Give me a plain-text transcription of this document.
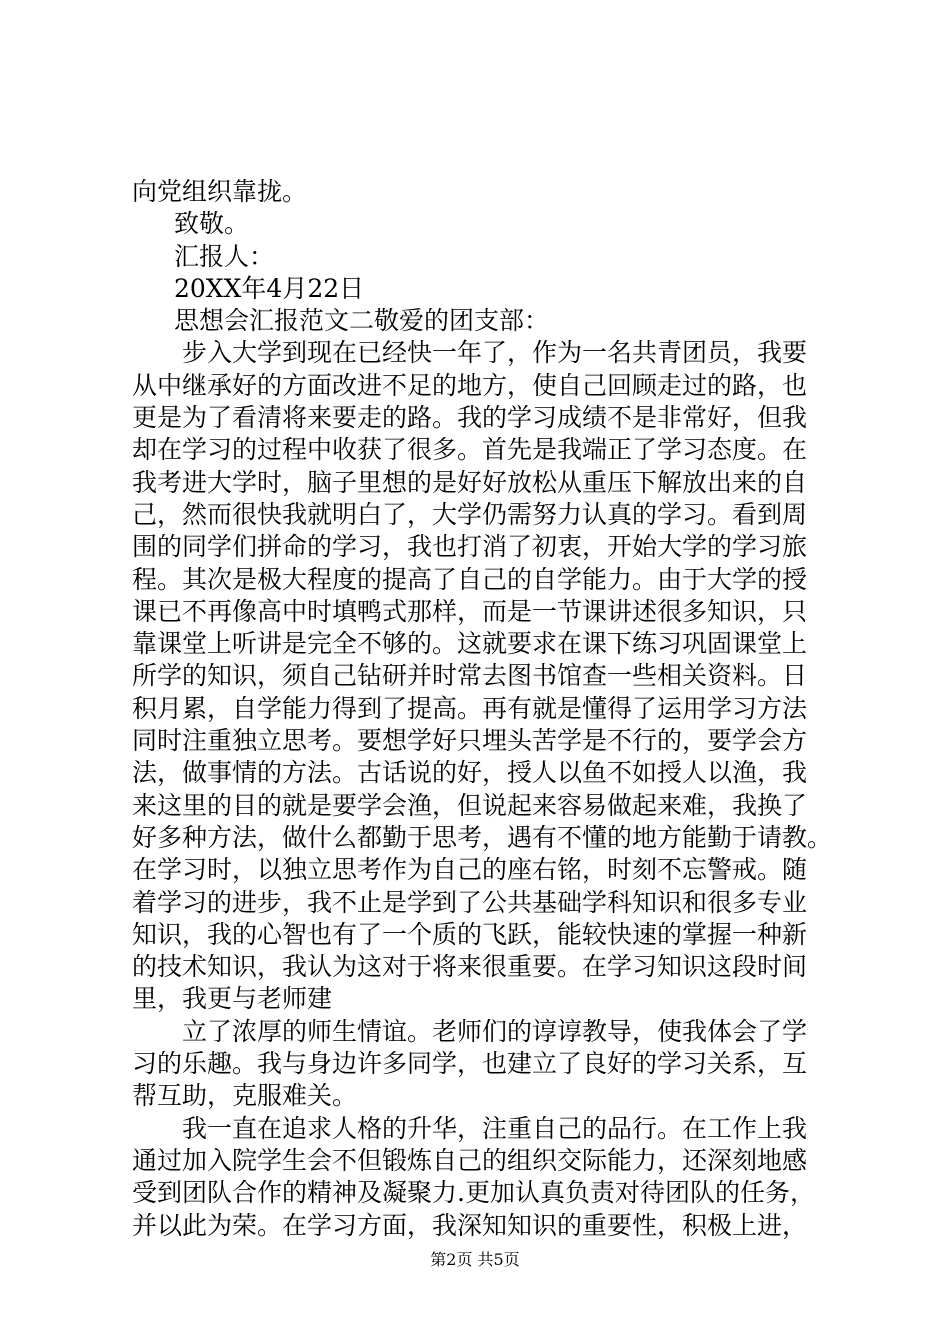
向党组织靠拢。
致敬。
汇报人：
20XX年4月22日
思想会汇报范文二敬爱的团支部：
步入大学到现在已经快一年了，作为一名共青团员，我要
从中继承好的方面改进不足的地方，使自己回顾走过的路，也
更是为了看清将来要走的路。我的学习成绩不是非常好，但我
却在学习的过程中收获了很多。首先是我端正了学习态度。在
我考进大学时，脑子里想的是好好放松从重压下解放出来的自
己，然而很快我就明白了，大学仍需努力认真的学习。看到周
围的同学们拼命的学习，我也打消了初衷，开始大学的学习旅
程。其次是极大程度的提高了自己的自学能力。由于大学的授
课已不再像高中时填鸭式那样，而是一节课讲述很多知识，只
靠课堂上听讲是完全不够的。这就要求在课下练习巩固课堂上
所学的知识，须自己钻研并时常去图书馆查一些相关资料。日
积月累，自学能力得到了提高。再有就是懂得了运用学习方法
同时注重独立思考。要想学好只埋头苦学是不行的，要学会方
法，做事情的方法。古话说的好，授人以鱼不如授人以渔，我
来这里的目的就是要学会渔，但说起来容易做起来难，我换了
好多种方法，做什么都勤于思考，遇有不懂的地方能勤于请教。
在学习时，以独立思考作为自己的座右铭，时刻不忘警戒。随
着学习的进步，我不止是学到了公共基础学科知识和很多专业
知识，我的心智也有了一个质的飞跃，能较快速的掌握一种新
的技术知识，我认为这对于将来很重要。在学习知识这段时间
里，我更与老师建
立了浓厚的师生情谊。老师们的谆谆教导，使我体会了学
习的乐趣。我与身边许多同学，也建立了良好的学习关系，互
帮互助，克服难关。
我一直在追求人格的升华，注重自己的品行。在工作上我
通过加入院学生会不但锻炼自己的组织交际能力，还深刻地感
受到团队合作的精神及凝聚力.更加认真负责对待团队的任务，
并以此为荣。在学习方面，我深知知识的重要性，积极上进，
第2页 共5页
